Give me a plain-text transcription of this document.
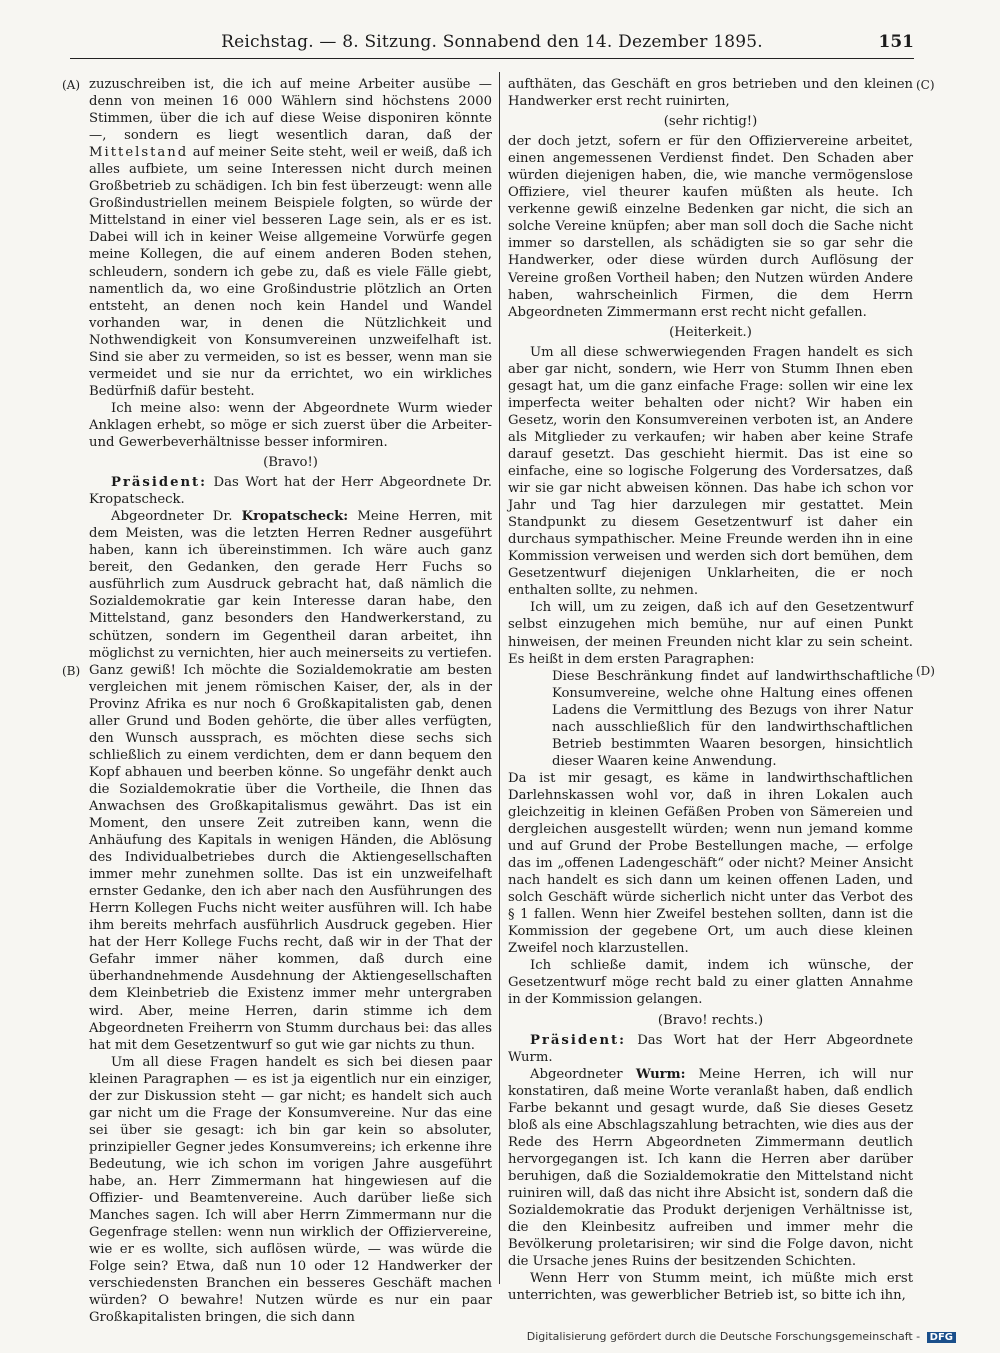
Reichstag. — 8. Sitzung. Sonnabend den 14. Dezember 1895.	151
(A)
(B)
(C)
(D)

zuzuschreiben ist, die ich auf meine Arbeiter ausübe — denn von meinen 16 000 Wählern sind höchstens 2000 Stimmen, über die ich auf diese Weise disponiren könnte —, sondern es liegt wesentlich daran, daß der Mittelstand auf meiner Seite steht, weil er weiß, daß ich alles aufbiete, um seine Interessen nicht durch meinen Großbetrieb zu schädigen. Ich bin fest überzeugt: wenn alle Großindustriellen meinem Beispiele folgten, so würde der Mittelstand in einer viel besseren Lage sein, als er es ist. Dabei will ich in keiner Weise allgemeine Vorwürfe gegen meine Kollegen, die auf einem anderen Boden stehen, schleudern, sondern ich gebe zu, daß es viele Fälle giebt, namentlich da, wo eine Großindustrie plötzlich an Orten entsteht, an denen noch kein Handel und Wandel vorhanden war, in denen die Nützlichkeit und Nothwendigkeit von Konsumvereinen unzweifelhaft ist. Sind sie aber zu vermeiden, so ist es besser, wenn man sie vermeidet und sie nur da errichtet, wo ein wirkliches Bedürfniß dafür besteht.

Ich meine also: wenn der Abgeordnete Wurm wieder Anklagen erhebt, so möge er sich zuerst über die Arbeiter- und Gewerbeverhältnisse besser informiren.

(Bravo!)

Präsident: Das Wort hat der Herr Abgeordnete Dr. Kropatscheck.

Abgeordneter Dr. Kropatscheck: Meine Herren, mit dem Meisten, was die letzten Herren Redner ausgeführt haben, kann ich übereinstimmen. Ich wäre auch ganz bereit, den Gedanken, den gerade Herr Fuchs so ausführlich zum Ausdruck gebracht hat, daß nämlich die Sozialdemokratie gar kein Interesse daran habe, den Mittelstand, ganz besonders den Handwerkerstand, zu schützen, sondern im Gegentheil daran arbeitet, ihn möglichst zu vernichten, hier auch meinerseits zu vertiefen. Ganz gewiß! Ich möchte die Sozialdemokratie am besten vergleichen mit jenem römischen Kaiser, der, als in der Provinz Afrika es nur noch 6 Großkapitalisten gab, denen aller Grund und Boden gehörte, die über alles verfügten, den Wunsch aussprach, es möchten diese sechs sich schließlich zu einem verdichten, dem er dann bequem den Kopf abhauen und beerben könne. So ungefähr denkt auch die Sozialdemokratie über die Vortheile, die Ihnen das Anwachsen des Großkapitalismus gewährt. Das ist ein Moment, den unsere Zeit zutreiben kann, wenn die Anhäufung des Kapitals in wenigen Händen, die Ablösung des Individualbetriebes durch die Aktiengesellschaften immer mehr zunehmen sollte. Das ist ein unzweifelhaft ernster Gedanke, den ich aber nach den Ausführungen des Herrn Kollegen Fuchs nicht weiter ausführen will. Ich habe ihm bereits mehrfach ausführlich Ausdruck gegeben. Hier hat der Herr Kollege Fuchs recht, daß wir in der That der Gefahr immer näher kommen, daß durch eine überhandnehmende Ausdehnung der Aktiengesellschaften dem Kleinbetrieb die Existenz immer mehr untergraben wird. Aber, meine Herren, darin stimme ich dem Abgeordneten Freiherrn von Stumm durchaus bei: das alles hat mit dem Gesetzentwurf so gut wie gar nichts zu thun.

Um all diese Fragen handelt es sich bei diesen paar kleinen Paragraphen — es ist ja eigentlich nur ein einziger, der zur Diskussion steht — gar nicht; es handelt sich auch gar nicht um die Frage der Konsumvereine. Nur das eine sei über sie gesagt: ich bin gar kein so absoluter, prinzipieller Gegner jedes Konsumvereins; ich erkenne ihre Bedeutung, wie ich schon im vorigen Jahre ausgeführt habe, an. Herr Zimmermann hat hingewiesen auf die Offizier- und Beamtenvereine. Auch darüber ließe sich Manches sagen. Ich will aber Herrn Zimmermann nur die Gegenfrage stellen: wenn nun wirklich der Offiziervereine, wie er es wollte, sich auflösen würde, — was würde die Folge sein? Etwa, daß nun 10 oder 12 Handwerker der verschiedensten Branchen ein besseres Geschäft machen würden? O bewahre! Nutzen würde es nur ein paar Großkapitalisten bringen, die sich dann

aufthäten, das Geschäft en gros betrieben und den kleinen Handwerker erst recht ruinirten,

(sehr richtig!)

der doch jetzt, sofern er für den Offiziervereine arbeitet, einen angemessenen Verdienst findet. Den Schaden aber würden diejenigen haben, die, wie manche vermögenslose Offiziere, viel theurer kaufen müßten als heute. Ich verkenne gewiß einzelne Bedenken gar nicht, die sich an solche Vereine knüpfen; aber man soll doch die Sache nicht immer so darstellen, als schädigten sie so gar sehr die Handwerker, oder diese würden durch Auflösung der Vereine großen Vortheil haben; den Nutzen würden Andere haben, wahrscheinlich Firmen, die dem Herrn Abgeordneten Zimmermann erst recht nicht gefallen.

(Heiterkeit.)

Um all diese schwerwiegenden Fragen handelt es sich aber gar nicht, sondern, wie Herr von Stumm Ihnen eben gesagt hat, um die ganz einfache Frage: sollen wir eine lex imperfecta weiter behalten oder nicht? Wir haben ein Gesetz, worin den Konsumvereinen verboten ist, an Andere als Mitglieder zu verkaufen; wir haben aber keine Strafe darauf gesetzt. Das geschieht hiermit. Das ist eine so einfache, eine so logische Folgerung des Vordersatzes, daß wir sie gar nicht abweisen können. Das habe ich schon vor Jahr und Tag hier darzulegen mir gestattet. Mein Standpunkt zu diesem Gesetzentwurf ist daher ein durchaus sympathischer. Meine Freunde werden ihn in eine Kommission verweisen und werden sich dort bemühen, dem Gesetzentwurf diejenigen Unklarheiten, die er noch enthalten sollte, zu nehmen.

Ich will, um zu zeigen, daß ich auf den Gesetzentwurf selbst einzugehen mich bemühe, nur auf einen Punkt hinweisen, der meinen Freunden nicht klar zu sein scheint. Es heißt in dem ersten Paragraphen:

Diese Beschränkung findet auf landwirthschaftliche Konsumvereine, welche ohne Haltung eines offenen Ladens die Vermittlung des Bezugs von ihrer Natur nach ausschließlich für den landwirthschaftlichen Betrieb bestimmten Waaren besorgen, hinsichtlich dieser Waaren keine Anwendung.

Da ist mir gesagt, es käme in landwirthschaftlichen Darlehnskassen wohl vor, daß in ihren Lokalen auch gleichzeitig in kleinen Gefäßen Proben von Sämereien und dergleichen ausgestellt würden; wenn nun jemand komme und auf Grund der Probe Bestellungen mache, — erfolge das im „offenen Ladengeschäft“ oder nicht? Meiner Ansicht nach handelt es sich dann um keinen offenen Laden, und solch Geschäft würde sicherlich nicht unter das Verbot des § 1 fallen. Wenn hier Zweifel bestehen sollten, dann ist die Kommission der gegebene Ort, um auch diese kleinen Zweifel noch klarzustellen.

Ich schließe damit, indem ich wünsche, der Gesetzentwurf möge recht bald zu einer glatten Annahme in der Kommission gelangen.

(Bravo! rechts.)

Präsident: Das Wort hat der Herr Abgeordnete Wurm.

Abgeordneter Wurm: Meine Herren, ich will nur konstatiren, daß meine Worte veranlaßt haben, daß endlich Farbe bekannt und gesagt wurde, daß Sie dieses Gesetz bloß als eine Abschlagszahlung betrachten, wie dies aus der Rede des Herrn Abgeordneten Zimmermann deutlich hervorgegangen ist. Ich kann die Herren aber darüber beruhigen, daß die Sozialdemokratie den Mittelstand nicht ruiniren will, daß das nicht ihre Absicht ist, sondern daß die Sozialdemokratie das Produkt derjenigen Verhältnisse ist, die den Kleinbesitz aufreiben und immer mehr die Bevölkerung proletarisiren; wir sind die Folge davon, nicht die Ursache jenes Ruins der besitzenden Schichten.

Wenn Herr von Stumm meint, ich müßte mich erst unterrichten, was gewerblicher Betrieb ist, so bitte ich ihn,

Digitalisierung gefördert durch die Deutsche Forschungsgemeinschaft - DFG
